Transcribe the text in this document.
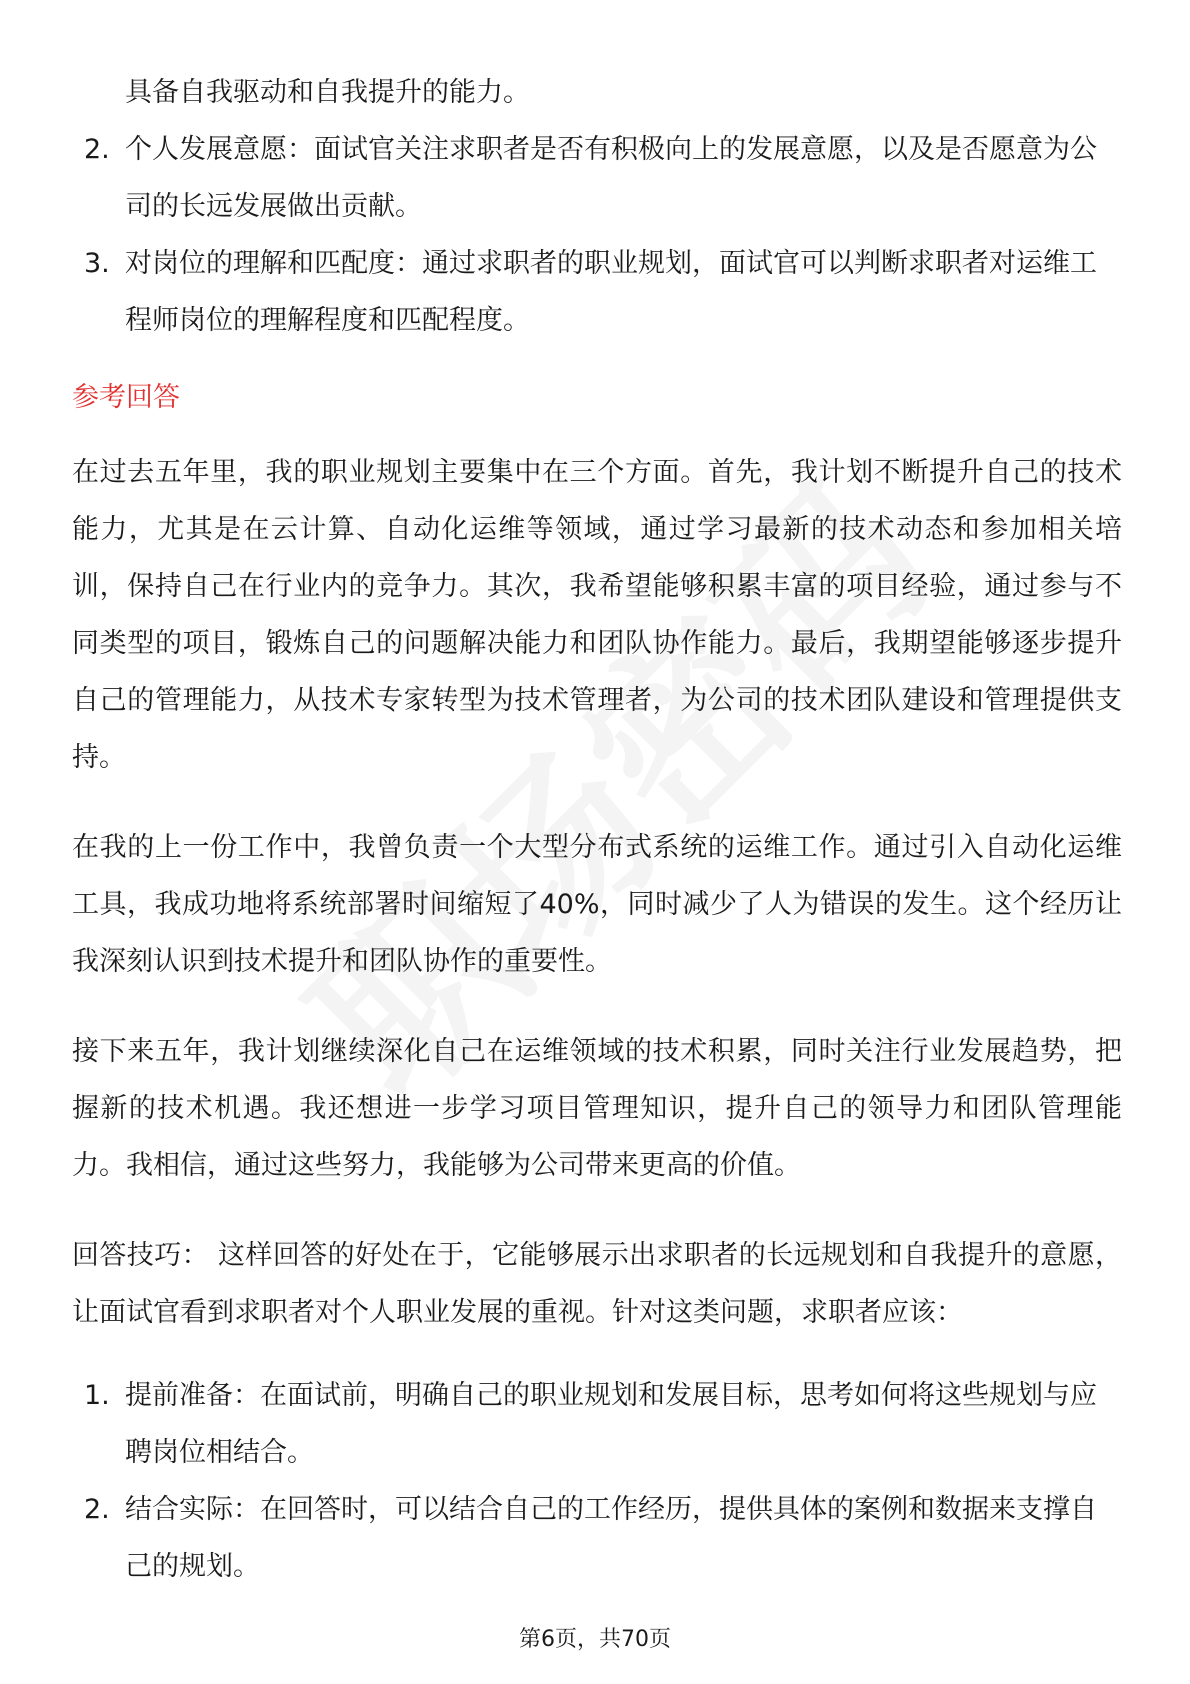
具备自我驱动和自我提升的能力。
2. 个人发展意愿：面试官关注求职者是否有积极向上的发展意愿，以及是否愿意为公司的长远发展做出贡献。
3. 对岗位的理解和匹配度：通过求职者的职业规划，面试官可以判断求职者对运维工程师岗位的理解程度和匹配程度。
参考回答
在过去五年里，我的职业规划主要集中在三个方面。首先，我计划不断提升自己的技术能力，尤其是在云计算、自动化运维等领域，通过学习最新的技术动态和参加相关培训，保持自己在行业内的竞争力。其次，我希望能够积累丰富的项目经验，通过参与不同类型的项目，锻炼自己的问题解决能力和团队协作能力。最后，我期望能够逐步提升自己的管理能力，从技术专家转型为技术管理者，为公司的技术团队建设和管理提供支持。
在我的上一份工作中，我曾负责一个大型分布式系统的运维工作。通过引入自动化运维工具，我成功地将系统部署时间缩短了40%，同时减少了人为错误的发生。这个经历让我深刻认识到技术提升和团队协作的重要性。
接下来五年，我计划继续深化自己在运维领域的技术积累，同时关注行业发展趋势，把握新的技术机遇。我还想进一步学习项目管理知识，提升自己的领导力和团队管理能力。我相信，通过这些努力，我能够为公司带来更高的价值。
回答技巧： 这样回答的好处在于，它能够展示出求职者的长远规划和自我提升的意愿，让面试官看到求职者对个人职业发展的重视。针对这类问题，求职者应该：
1. 提前准备：在面试前，明确自己的职业规划和发展目标，思考如何将这些规划与应聘岗位相结合。
2. 结合实际：在回答时，可以结合自己的工作经历，提供具体的案例和数据来支撑自己的规划。
第6页，共70页
